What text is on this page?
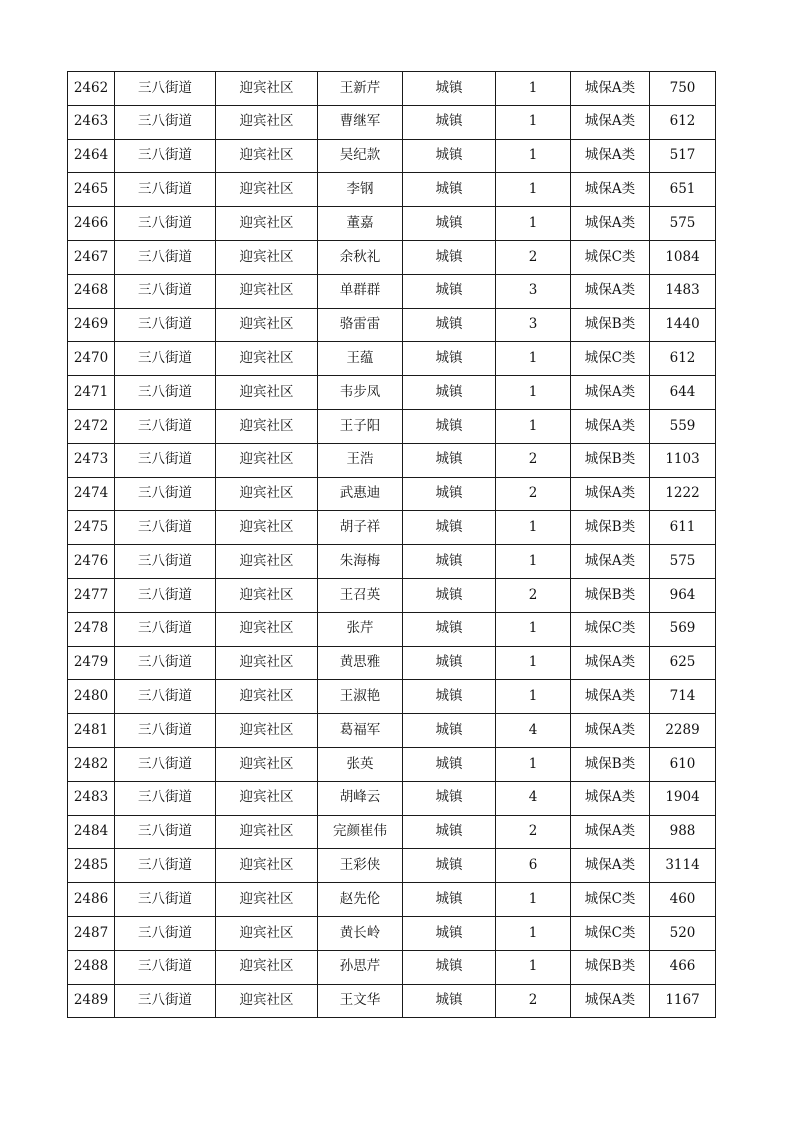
2462	三八街道	迎宾社区	王新芹	城镇	1	城保A类	750
2463	三八街道	迎宾社区	曹继军	城镇	1	城保A类	612
2464	三八街道	迎宾社区	吴纪款	城镇	1	城保A类	517
2465	三八街道	迎宾社区	李钢	城镇	1	城保A类	651
2466	三八街道	迎宾社区	董嘉	城镇	1	城保A类	575
2467	三八街道	迎宾社区	余秋礼	城镇	2	城保C类	1084
2468	三八街道	迎宾社区	单群群	城镇	3	城保A类	1483
2469	三八街道	迎宾社区	骆雷雷	城镇	3	城保B类	1440
2470	三八街道	迎宾社区	王蕴	城镇	1	城保C类	612
2471	三八街道	迎宾社区	韦步凤	城镇	1	城保A类	644
2472	三八街道	迎宾社区	王子阳	城镇	1	城保A类	559
2473	三八街道	迎宾社区	王浩	城镇	2	城保B类	1103
2474	三八街道	迎宾社区	武惠迪	城镇	2	城保A类	1222
2475	三八街道	迎宾社区	胡子祥	城镇	1	城保B类	611
2476	三八街道	迎宾社区	朱海梅	城镇	1	城保A类	575
2477	三八街道	迎宾社区	王召英	城镇	2	城保B类	964
2478	三八街道	迎宾社区	张芹	城镇	1	城保C类	569
2479	三八街道	迎宾社区	黄思雅	城镇	1	城保A类	625
2480	三八街道	迎宾社区	王淑艳	城镇	1	城保A类	714
2481	三八街道	迎宾社区	葛福军	城镇	4	城保A类	2289
2482	三八街道	迎宾社区	张英	城镇	1	城保B类	610
2483	三八街道	迎宾社区	胡峰云	城镇	4	城保A类	1904
2484	三八街道	迎宾社区	完颜崔伟	城镇	2	城保A类	988
2485	三八街道	迎宾社区	王彩侠	城镇	6	城保A类	3114
2486	三八街道	迎宾社区	赵先伦	城镇	1	城保C类	460
2487	三八街道	迎宾社区	黄长岭	城镇	1	城保C类	520
2488	三八街道	迎宾社区	孙思芹	城镇	1	城保B类	466
2489	三八街道	迎宾社区	王文华	城镇	2	城保A类	1167
